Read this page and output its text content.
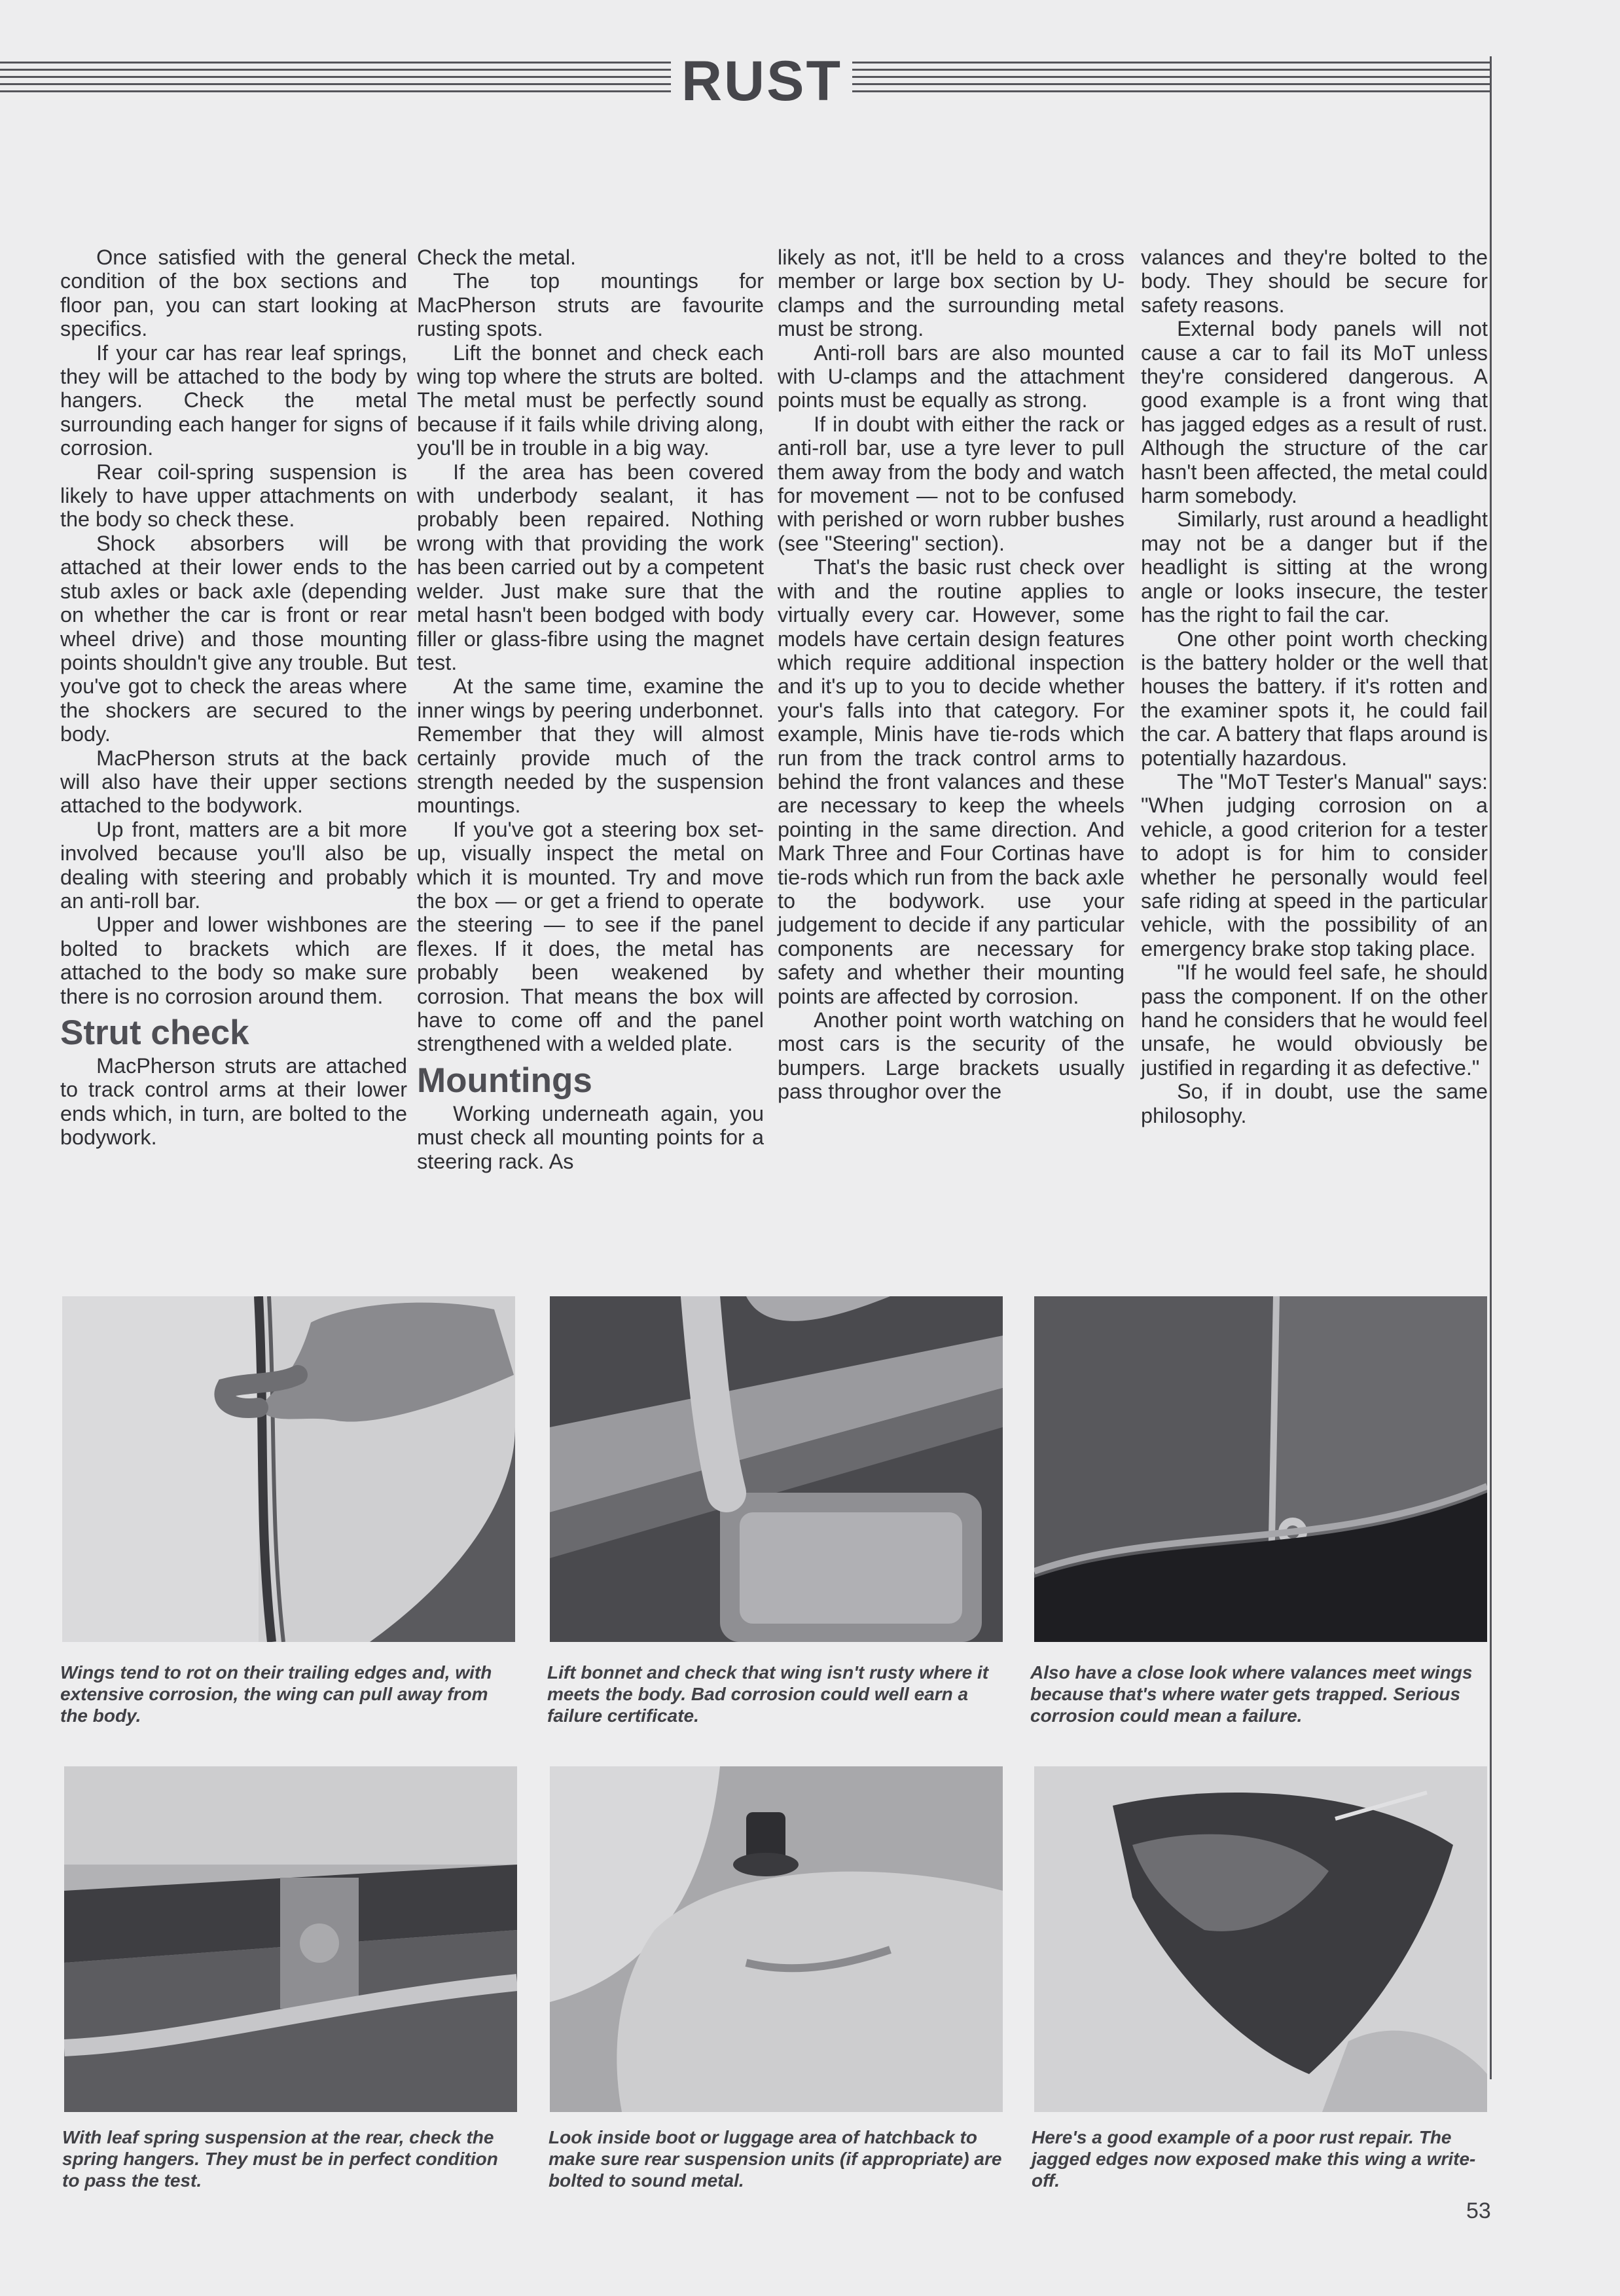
RUST

Once satisfied with the general condition of the box sections and floor pan, you can start looking at specifics.

If your car has rear leaf springs, they will be attached to the body by hangers. Check the metal surrounding each hanger for signs of corrosion.

Rear coil-spring suspension is likely to have upper attachments on the body so check these.

Shock absorbers will be attached at their lower ends to the stub axles or back axle (depending on whether the car is front or rear wheel drive) and those mounting points shouldn't give any trouble. But you've got to check the areas where the shockers are secured to the body.

MacPherson struts at the back will also have their upper sections attached to the bodywork.

Up front, matters are a bit more involved because you'll also be dealing with steering and probably an anti-roll bar.

Upper and lower wishbones are bolted to brackets which are attached to the body so make sure there is no corrosion around them.

Strut check

MacPherson struts are attached to track control arms at their lower ends which, in turn, are bolted to the bodywork.

Check the metal.

The top mountings for MacPherson struts are favourite rusting spots.

Lift the bonnet and check each wing top where the struts are bolted. The metal must be perfectly sound because if it fails while driving along, you'll be in trouble in a big way.

If the area has been covered with underbody sealant, it has probably been repaired. Nothing wrong with that providing the work has been carried out by a competent welder. Just make sure that the metal hasn't been bodged with body filler or glass-fibre using the magnet test.

At the same time, examine the inner wings by peering underbonnet. Remember that they will almost certainly provide much of the strength needed by the suspension mountings.

If you've got a steering box set-up, visually inspect the metal on which it is mounted. Try and move the box — or get a friend to operate the steering — to see if the panel flexes. If it does, the metal has probably been weakened by corrosion. That means the box will have to come off and the panel strengthened with a welded plate.

Mountings

Working underneath again, you must check all mounting points for a steering rack. As

likely as not, it'll be held to a cross member or large box section by U-clamps and the surrounding metal must be strong.

Anti-roll bars are also mounted with U-clamps and the attachment points must be equally as strong.

If in doubt with either the rack or anti-roll bar, use a tyre lever to pull them away from the body and watch for movement — not to be confused with perished or worn rubber bushes (see "Steering" section).

That's the basic rust check over with and the routine applies to virtually every car. However, some models have certain design features which require additional inspection and it's up to you to decide whether your's falls into that category. For example, Minis have tie-rods which run from the track control arms to behind the front valances and these are necessary to keep the wheels pointing in the same direction. And Mark Three and Four Cortinas have tie-rods which run from the back axle to the bodywork. use your judgement to decide if any particular components are necessary for safety and whether their mounting points are affected by corrosion.

Another point worth watching on most cars is the security of the bumpers. Large brackets usually pass throughor over the

valances and they're bolted to the body. They should be secure for safety reasons.

External body panels will not cause a car to fail its MoT unless they're considered dangerous. A good example is a front wing that has jagged edges as a result of rust. Although the structure of the car hasn't been affected, the metal could harm somebody.

Similarly, rust around a headlight may not be a danger but if the headlight is sitting at the wrong angle or looks insecure, the tester has the right to fail the car.

One other point worth checking is the battery holder or the well that houses the battery. if it's rotten and the examiner spots it, he could fail the car. A battery that flaps around is potentially hazardous.

The "MoT Tester's Manual" says: "When judging corrosion on a vehicle, a good criterion for a tester to adopt is for him to consider whether he personally would feel safe riding at speed in the particular vehicle, with the possibility of an emergency brake stop taking place.

"If he would feel safe, he should pass the component. If on the other hand he considers that he would feel unsafe, he would obviously be justified in regarding it as defective."

So, if in doubt, use the same philosophy.

Wings tend to rot on their trailing edges and, with extensive corrosion, the wing can pull away from the body.
Lift bonnet and check that wing isn't rusty where it meets the body. Bad corrosion could well earn a failure certificate.
Also have a close look where valances meet wings because that's where water gets trapped. Serious corrosion could mean a failure.
With leaf spring suspension at the rear, check the spring hangers. They must be in perfect condition to pass the test.
Look inside boot or luggage area of hatchback to make sure rear suspension units (if appropriate) are bolted to sound metal.
Here's a good example of a poor rust repair. The jagged edges now exposed make this wing a write-off.
53
